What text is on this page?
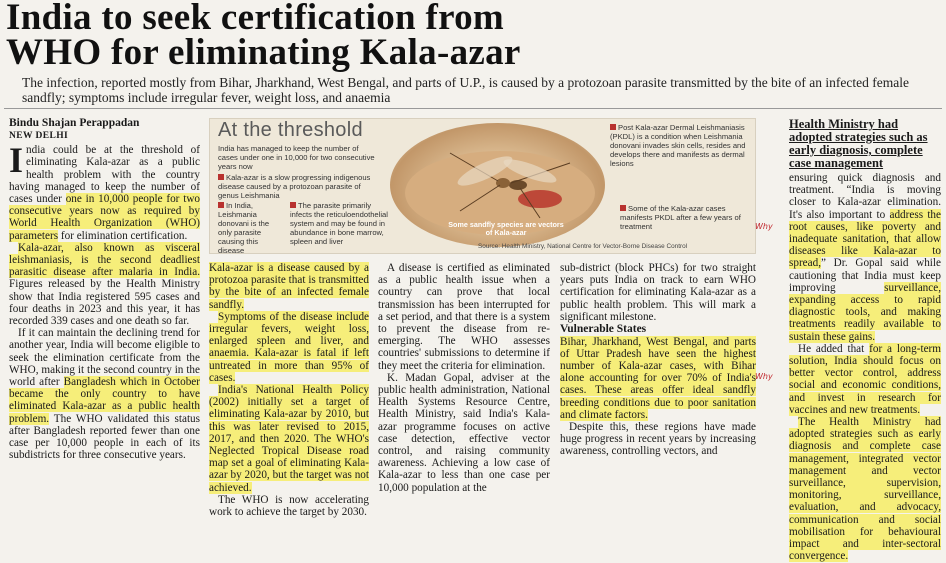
India to seek certification from
WHO for eliminating Kala-azar
The infection, reported mostly from Bihar, Jharkhand, West Bengal, and parts of U.P., is caused by a protozoan parasite transmitted by the bite of an infected female sandfly; symptoms include irregular fever, weight loss, and anaemia
Bindu Shajan Perappadan
NEW DELHI

India could be at the threshold of eliminating Kala-azar as a public health problem with the country having managed to keep the number of cases under one in 10,000 people for two consecutive years now as required by World Health Organization (WHO) parameters for elimination certification.

Kala-azar, also known as visceral leishmaniasis, is the second deadliest parasitic disease after malaria in India. Figures released by the Health Ministry show that India registered 595 cases and four deaths in 2023 and this year, it has recorded 339 cases and one death so far.

If it can maintain the declining trend for another year, India will become eligible to seek the elimination certificate from the WHO, making it the second country in the world after Bangladesh which in October became the only country to have eliminated Kala-azar as a public health problem. The WHO validated this status after Bangladesh reported fewer than one case per 10,000 people in each of its subdistricts for three consecutive years.

At the threshold
India has managed to keep the number of cases under one in 10,000 for two consecutive years now
Kala-azar is a slow progressing indigenous disease caused by a protozoan parasite of genus Leishmania
In India, Leishmania donovani is the only parasite causing this disease
The parasite primarily infects the reticuloendothelial system and may be found in abundance in bone marrow, spleen and liver
Some sandfly species are vectors of Kala-azar
Post Kala-azar Dermal Leishmaniasis (PKDL) is a condition when Leishmania donovani invades skin cells, resides and develops there and manifests as dermal lesions
Some of the Kala-azar cases manifests PKDL after a few years of treatment
Source: Health Ministry, National Centre for Vector-Borne Disease Control

Kala-azar is a disease caused by a protozoa parasite that is transmitted by the bite of an infected female sandfly.

Symptoms of the disease include irregular fevers, weight loss, enlarged spleen and liver, and anaemia. Kala-azar is fatal if left untreated in more than 95% of cases.

India's National Health Policy (2002) initially set a target of eliminating Kala-azar by 2010, but this was later revised to 2015, 2017, and then 2020. The WHO's Neglected Tropical Disease road map set a goal of eliminating Kala-azar by 2020, but the target was not achieved.

The WHO is now accelerating work to achieve the target by 2030.

A disease is certified as eliminated as a public health issue when a country can prove that local transmission has been interrupted for a set period, and that there is a system to prevent the disease from re-emerging. The WHO assesses countries' submissions to determine if they meet the criteria for elimination.

K. Madan Gopal, adviser at the public health administration, National Health Systems Resource Centre, Health Ministry, said India's Kala-azar programme focuses on active case detection, effective vector control, and raising community awareness. Achieving a low case of Kala-azar to less than one case per 10,000 population at the

sub-district (block PHCs) for two straight years puts India on track to earn WHO certification for eliminating Kala-azar as a public health problem. This will mark a significant milestone.

Vulnerable States

Bihar, Jharkhand, West Bengal, and parts of Uttar Pradesh have seen the highest number of Kala-azar cases, with Bihar alone accounting for over 70% of India's cases. These areas offer ideal sandfly breeding conditions due to poor sanitation and climate factors.

Despite this, these regions have made huge progress in recent years by increasing awareness, controlling vectors, and

Health Ministry had adopted strategies such as early diagnosis, complete case management

ensuring quick diagnosis and treatment. “India is moving closer to Kala-azar elimination. It's also important to address the root causes, like poverty and inadequate sanitation, that allow diseases like Kala-azar to spread,” Dr. Gopal said while cautioning that India must keep improving surveillance, expanding access to rapid diagnostic tools, and making treatments readily available to sustain these gains.

He added that for a long-term solution, India should focus on better vector control, address social and economic conditions, and invest in research for vaccines and new treatments.

The Health Ministry had adopted strategies such as early diagnosis and complete case management, integrated vector management and vector surveillance, supervision, monitoring, surveillance, evaluation, and advocacy, communication and social mobilisation for behavioural impact and inter-sectoral convergence.

Why
Why
